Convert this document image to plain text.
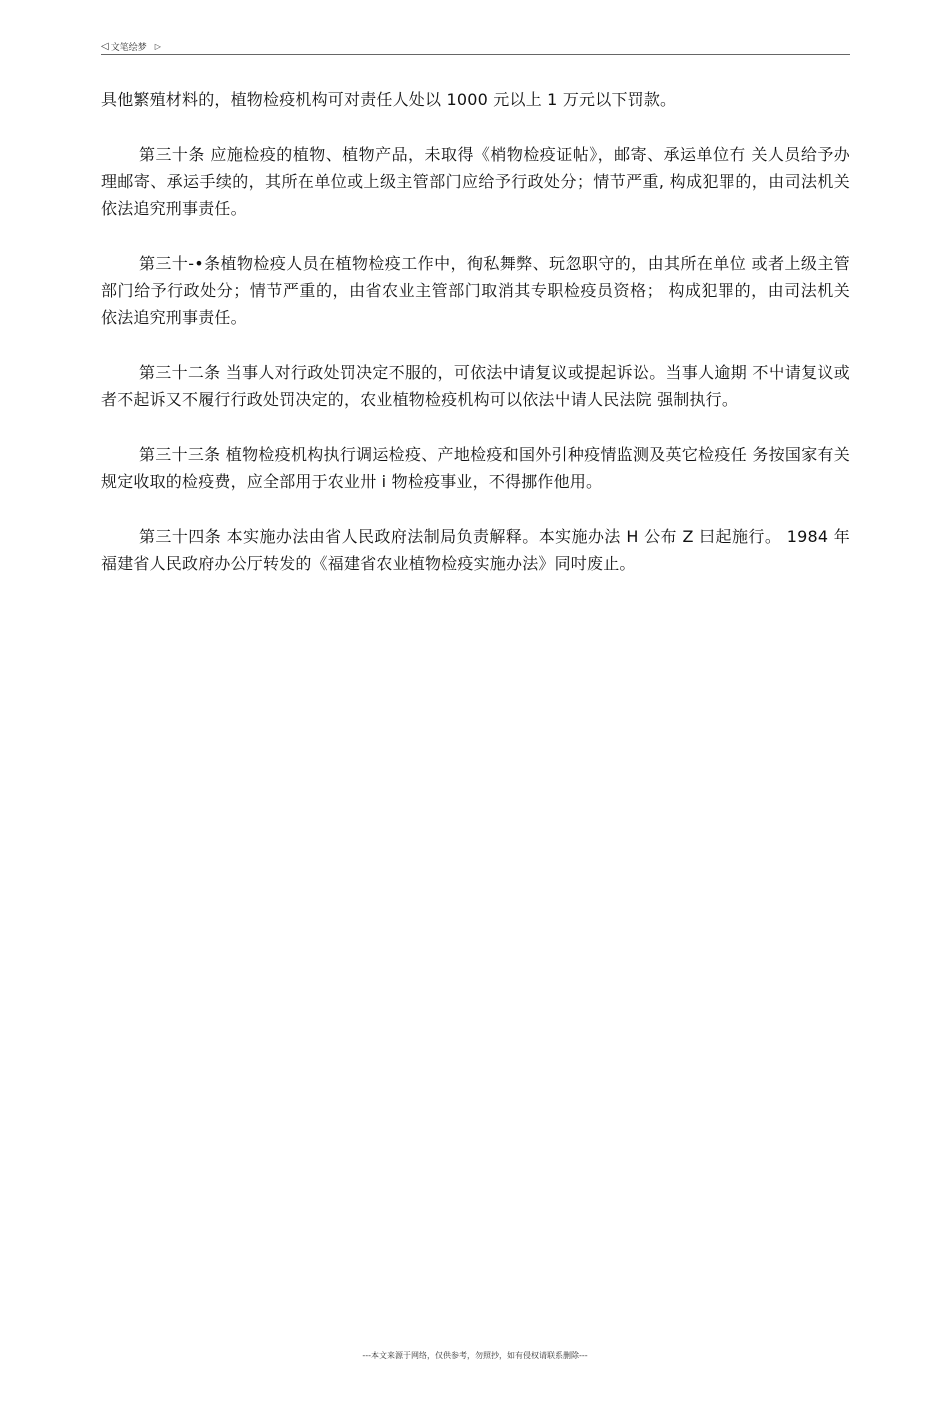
◁ 文笔绘梦 ▷

具他繁殖材料的，植物检疫机构可对责任人处以 1000 元以上 1 万元以下罚款。

第三十条 应施检疫的植物、植物产品，未取得《梢物检疫证帖》，邮寄、承运单位冇 关人员给予办理邮寄、承运手续的，其所在单位或上级主管部门应给予行政处分；情节严重, 构成犯罪的，由司法机关依法追究刑事责任。

第三十-•条植物检疫人员在植物检疫工作中，徇私舞弊、玩忽职守的，由其所在单位 或者上级主管部门给予行政处分；情节严重的，由省农业主管部门取消其专职检疫员资格； 构成犯罪的，由司法机关依法追究刑事责任。

第三十二条 当事人对行政处罚决定不服的，可依法中请复议或提起诉讼。当事人逾期 不屮请复议或者不起诉又不履行行政处罚决定的，农业植物检疫机构可以依法屮请人民法院 强制执行。

第三十三条 植物检疫机构执行调运检疫、产地检疫和国外引种疫情监测及英它检疫任 务按国家有关规定收取的检疫费，应全部用于农业卅 i 物检疫事业，不得挪作他用。

第三十四条 本实施办法由省人民政府法制局负责解释。本实施办法 H 公布 Z 曰起施行。 1984 年福建省人民政府办公厅转发的《福建省农业植物检疫实施办法》同吋废止。

---本文来源于网络，仅供参考，勿照抄，如有侵权请联系删除---
